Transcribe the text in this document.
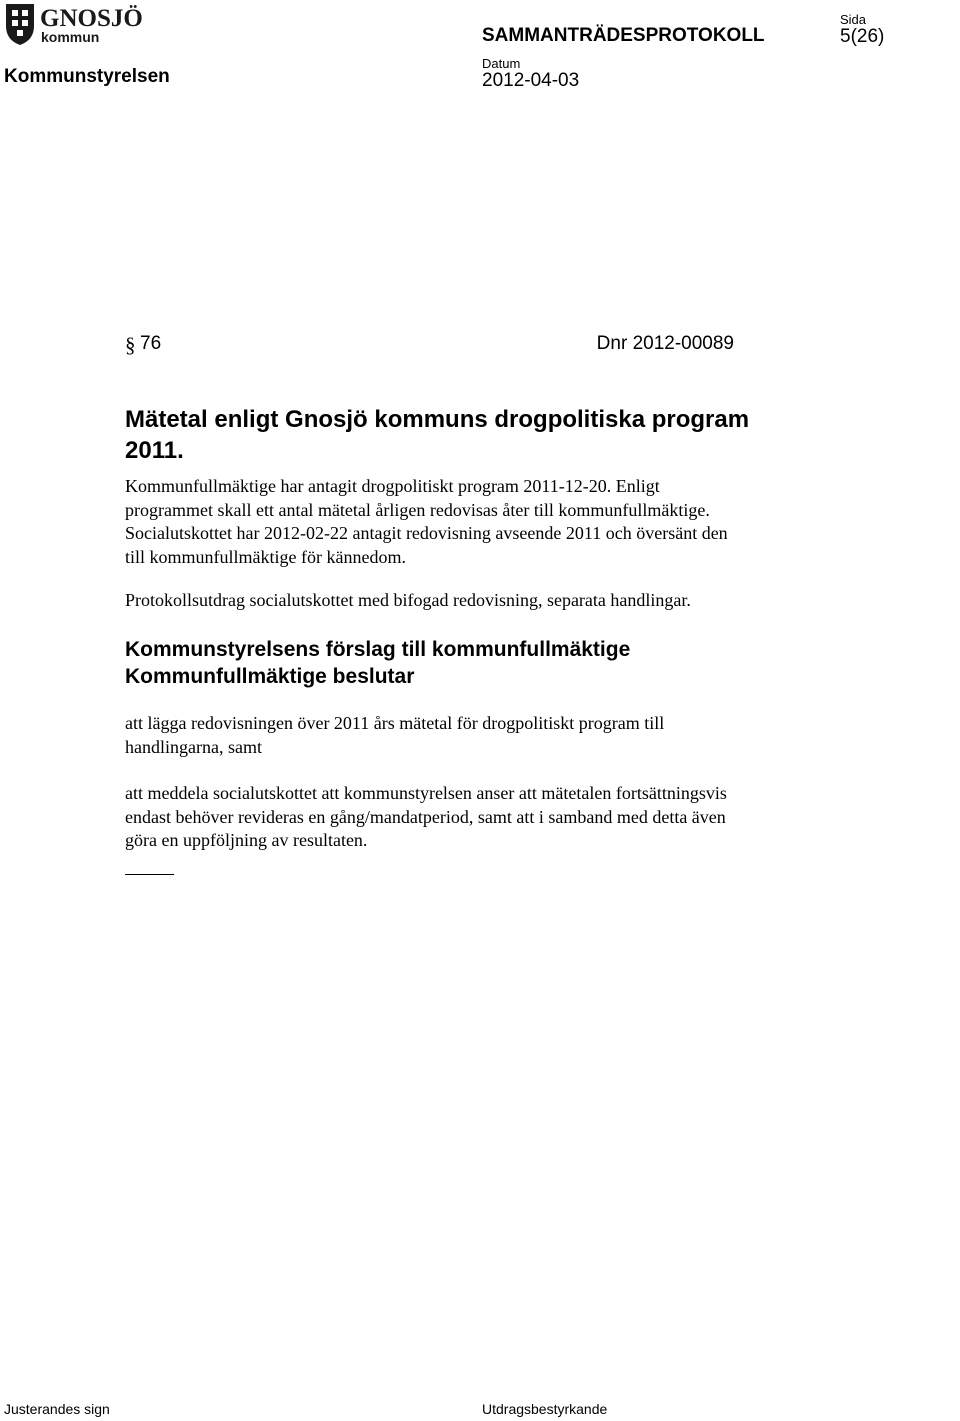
GNOSJÖ
kommun
Kommunstyrelsen
SAMMANTRÄDESPROTOKOLL
Sida
5(26)
Datum
2012-04-03
§ 76	Dnr 2012-00089
Mätetal enligt Gnosjö kommuns drogpolitiska program
2011.
Kommunfullmäktige har antagit drogpolitiskt program 2011-12-20. Enligt
programmet skall ett antal mätetal årligen redovisas åter till kommunfullmäktige.
Socialutskottet har 2012-02-22 antagit redovisning avseende 2011 och översänt den
till kommunfullmäktige för kännedom.
Protokollsutdrag socialutskottet med bifogad redovisning, separata handlingar.
Kommunstyrelsens förslag till kommunfullmäktige
Kommunfullmäktige beslutar
att lägga redovisningen över 2011 års mätetal för drogpolitiskt program till
handlingarna, samt
att meddela socialutskottet att kommunstyrelsen anser att mätetalen fortsättningsvis
endast behöver revideras en gång/mandatperiod, samt att i samband med detta även
göra en uppföljning av resultaten.
Justerandes sign	Utdragsbestyrkande
